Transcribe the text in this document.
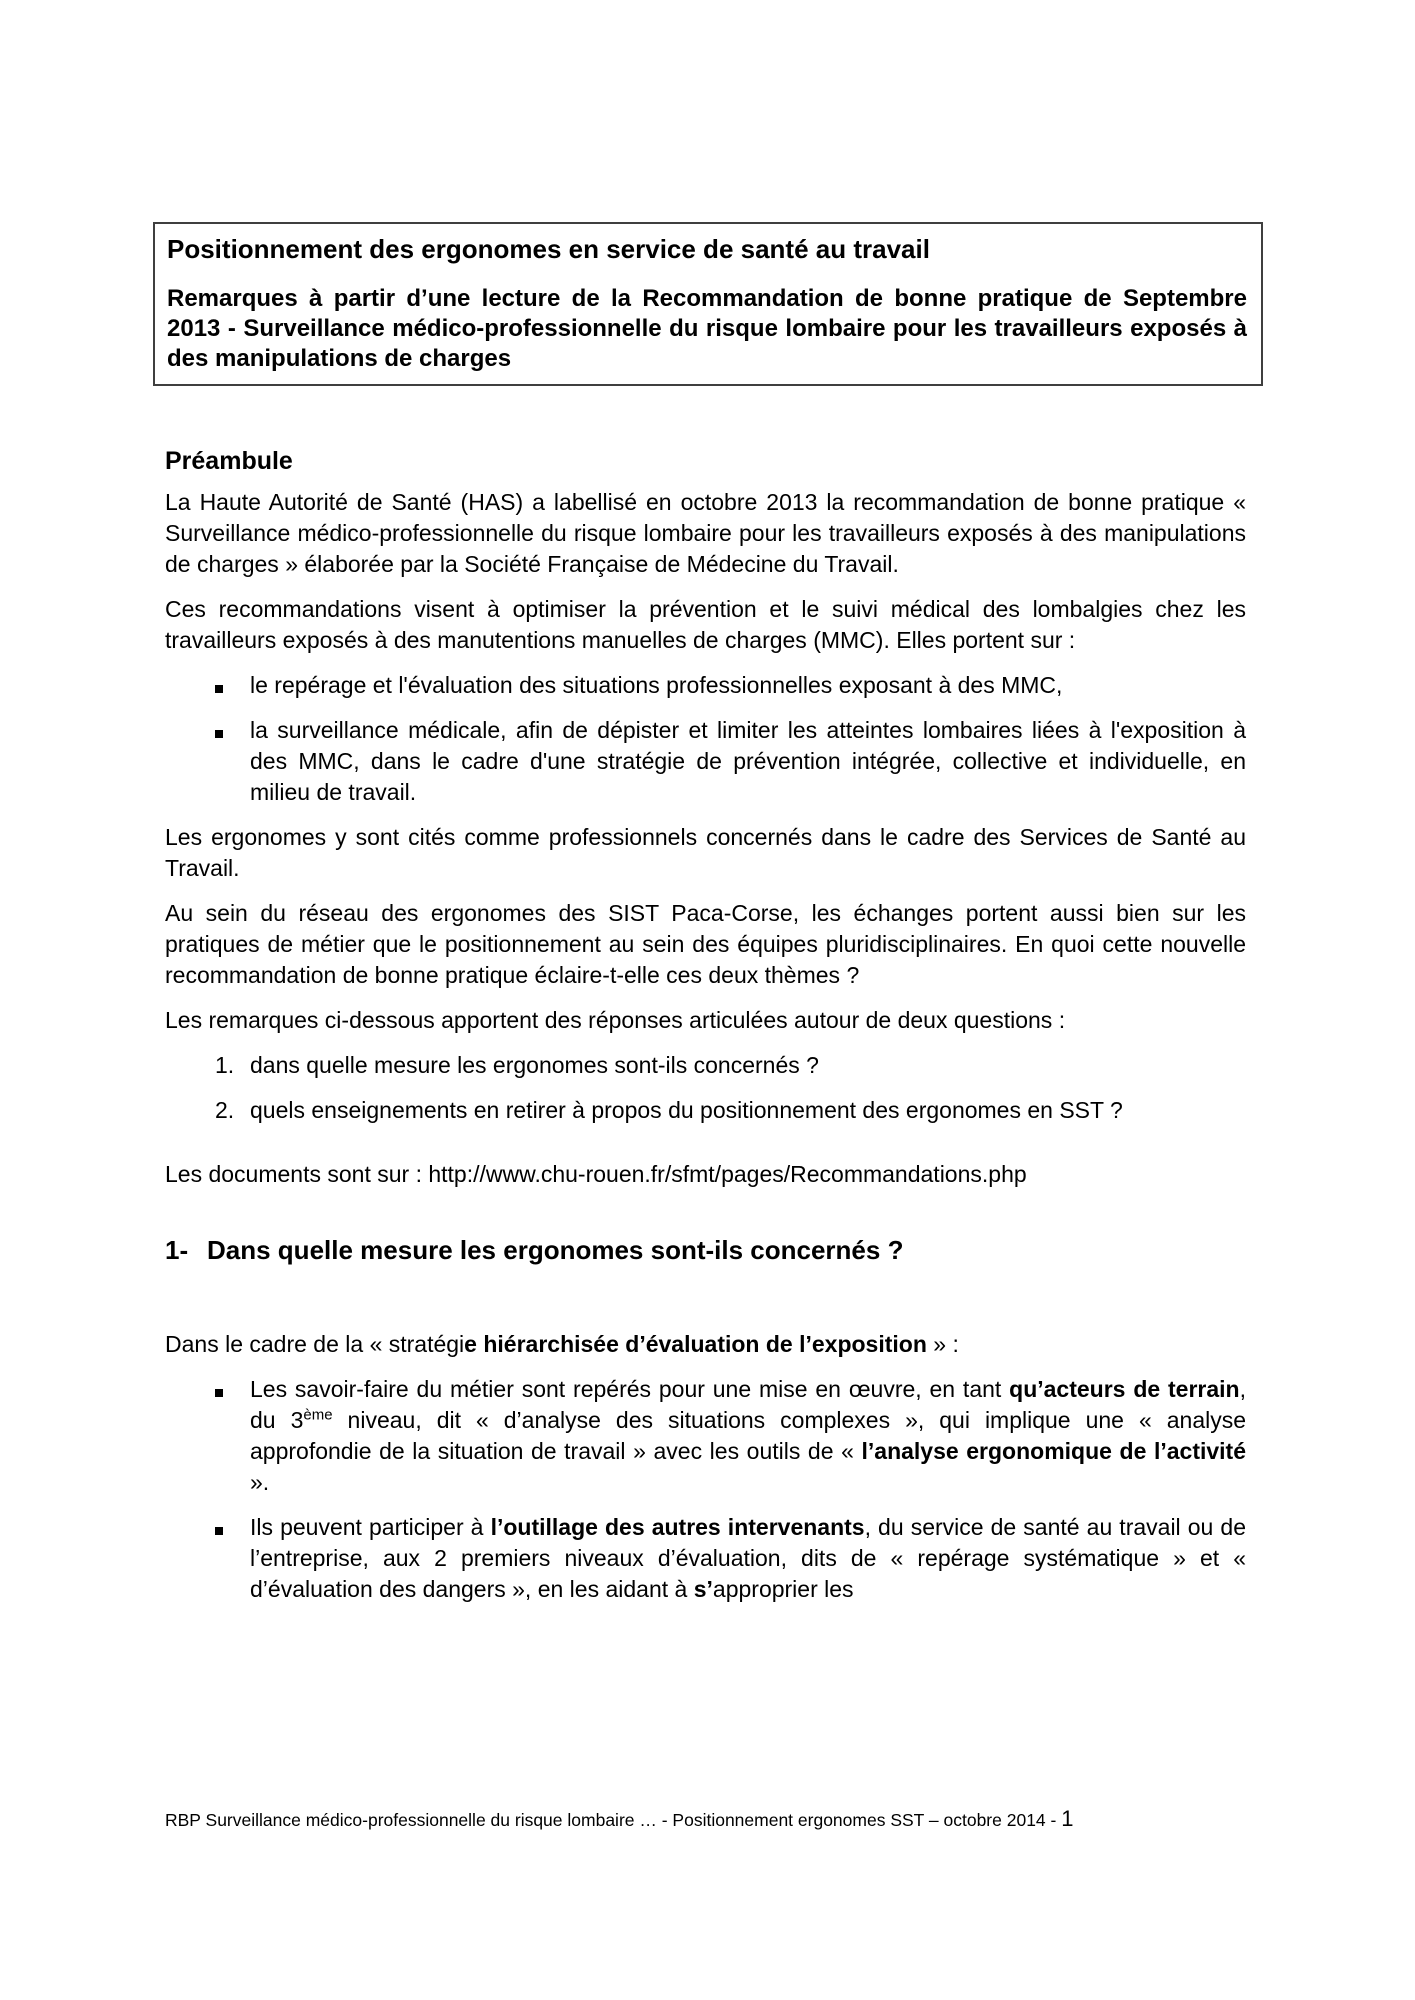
Positionnement des ergonomes en service de santé au travail
Remarques à partir d’une lecture de la Recommandation de bonne pratique de Septembre 2013 - Surveillance médico-professionnelle du risque lombaire pour les travailleurs exposés à des manipulations de charges
Préambule
La Haute Autorité de Santé (HAS) a labellisé en octobre 2013 la recommandation de bonne pratique « Surveillance médico-professionnelle du risque lombaire pour les travailleurs exposés à des manipulations de charges » élaborée par la Société Française de Médecine du Travail.
Ces recommandations visent à optimiser la prévention et le suivi médical des lombalgies chez les travailleurs exposés à des manutentions manuelles de charges (MMC). Elles portent sur :
le repérage et l'évaluation des situations professionnelles exposant à des MMC,
la surveillance médicale, afin de dépister et limiter les atteintes lombaires liées à l'exposition à des MMC, dans le cadre d'une stratégie de prévention intégrée, collective et individuelle, en milieu de travail.
Les ergonomes y sont cités comme professionnels concernés dans le cadre des Services de Santé au Travail.
Au sein du réseau des ergonomes des SIST Paca-Corse, les échanges portent aussi bien sur les pratiques de métier que le positionnement au sein des équipes pluridisciplinaires. En quoi cette nouvelle recommandation de bonne pratique éclaire-t-elle ces deux thèmes ?
Les remarques ci-dessous apportent des réponses articulées autour de deux questions :
1. dans quelle mesure les ergonomes sont-ils concernés ?
2. quels enseignements en retirer à propos du positionnement des ergonomes en SST ?
Les documents sont sur : http://www.chu-rouen.fr/sfmt/pages/Recommandations.php
1- Dans quelle mesure les ergonomes sont-ils concernés ?
Dans le cadre de la « stratégie hiérarchisée d’évaluation de l’exposition » :
Les savoir-faire du métier sont repérés pour une mise en œuvre, en tant qu’acteurs de terrain, du 3ème niveau, dit « d’analyse des situations complexes », qui implique une « analyse approfondie de la situation de travail » avec les outils de « l’analyse ergonomique de l’activité ».
Ils peuvent participer à l’outillage des autres intervenants, du service de santé au travail ou de l’entreprise, aux 2 premiers niveaux d’évaluation, dits de « repérage systématique » et « d’évaluation des dangers », en les aidant à s’approprier les
RBP Surveillance médico-professionnelle du risque lombaire … - Positionnement ergonomes SST – octobre 2014 - 1
